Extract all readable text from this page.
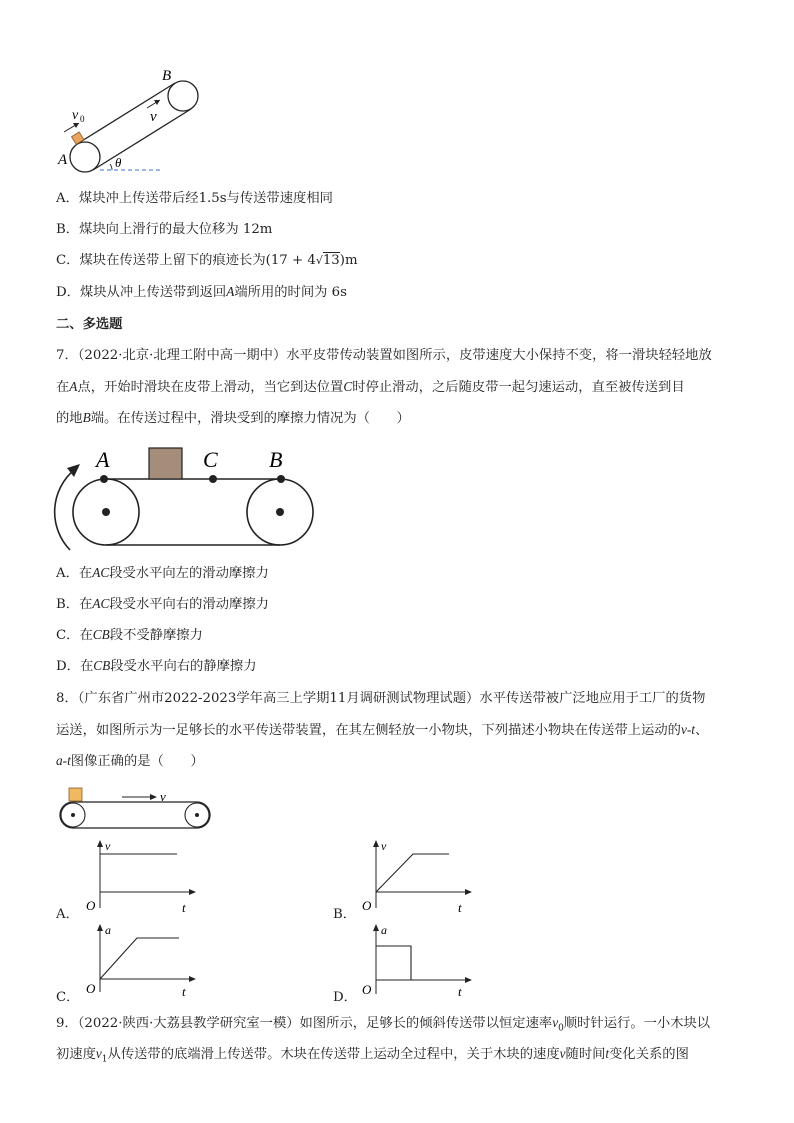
A
B
v 0	v
θ
A．煤块冲上传送带后经1.5s与传送带速度相同
B．煤块向上滑行的最大位移为 12m
C．煤块在传送带上留下的痕迹长为(17 + 4√13)m
D．煤块从冲上传送带到返回A端所用的时间为 6s
二、多选题
7．（2022·北京·北理工附中高一期中）水平皮带传动装置如图所示，皮带速度大小保持不变，将一滑块轻轻地放
在A点，开始时滑块在皮带上滑动，当它到达位置C时停止滑动，之后随皮带一起匀速运动，直至被传送到目
的地B端。在传送过程中，滑块受到的摩擦力情况为（　　）
A	C B
A．在AC段受水平向左的滑动摩擦力
B．在AC段受水平向右的滑动摩擦力
C．在CB段不受静摩擦力
D．在CB段受水平向右的静摩擦力
8．（广东省广州市2022-2023学年高三上学期11月调研测试物理试题）水平传送带被广泛地应用于工厂的货物
运送，如图所示为一足够长的水平传送带装置，在其左侧轻放一小物块，下列描述小物块在传送带上运动的v-t、
a-t图像正确的是（　　）
v
A．
v
O	t	B．
v
O	t
C．
a
O	t	D．
a
O	t
9．（2022·陕西·大荔县教学研究室一模）如图所示，足够长的倾斜传送带以恒定速率$v_0$顺时针运行。一小木块以
初速度$v_1$从传送带的底端滑上传送带。木块在传送带上运动全过程中，关于木块的速度v随时间t变化关系的图
